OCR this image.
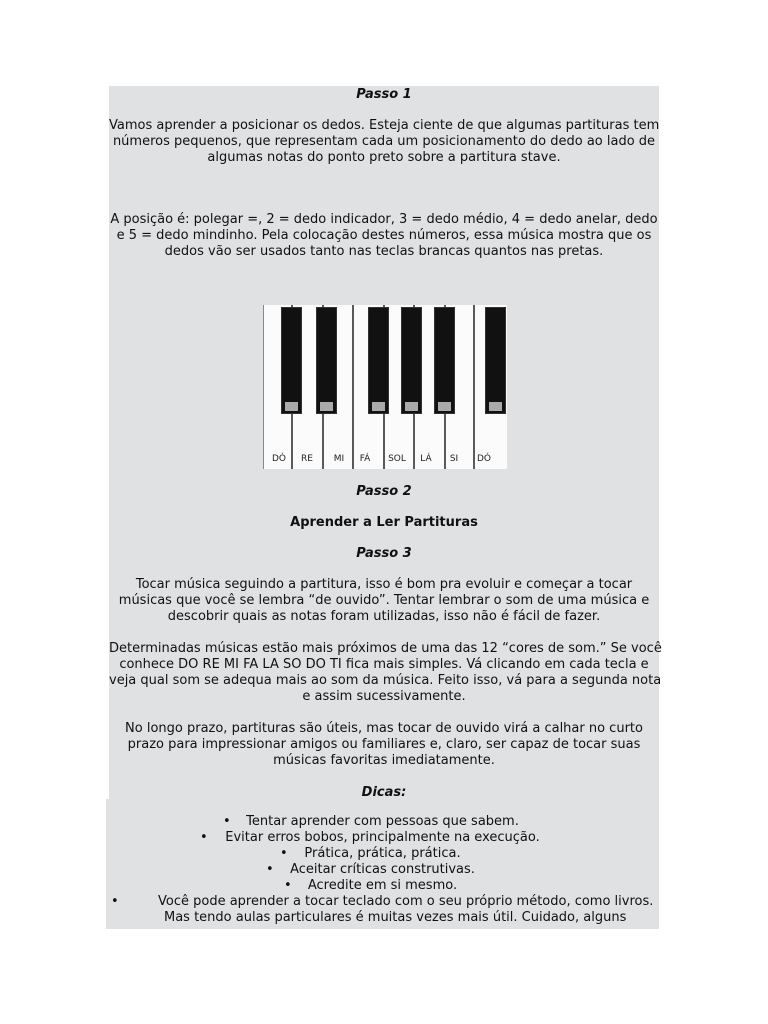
Passo 1

Vamos aprender a posicionar os dedos. Esteja ciente de que algumas partituras tem
números pequenos, que representam cada um posicionamento do dedo ao lado de
algumas notas do ponto preto sobre a partitura stave.

A posição é: polegar =, 2 = dedo indicador, 3 = dedo médio, 4 = dedo anelar, dedo
e 5 = dedo mindinho. Pela colocação destes números, essa música mostra que os
dedos vão ser usados tanto nas teclas brancas quantos nas pretas.

DÓ	RE	MI	FÁ	SOL	LÁ	SI	DÓ

Passo 2

Aprender a Ler Partituras

Passo 3

Tocar música seguindo a partitura, isso é bom pra evoluir e começar a tocar
músicas que você se lembra “de ouvido”. Tentar lembrar o som de uma música e
descobrir quais as notas foram utilizadas, isso não é fácil de fazer.

Determinadas músicas estão mais próximos de uma das 12 “cores de som.” Se você
conhece DO RE MI FA LA SO DO TI fica mais simples. Vá clicando em cada tecla e
veja qual som se adequa mais ao som da música. Feito isso, vá para a segunda nota
e assim sucessivamente.

No longo prazo, partituras são úteis, mas tocar de ouvido virá a calhar no curto
prazo para impressionar amigos ou familiares e, claro, ser capaz de tocar suas
músicas favoritas imediatamente.

Dicas:

•	Tentar aprender com pessoas que sabem.
•	Evitar erros bobos, principalmente na execução.
•	Prática, prática, prática.
•	Aceitar críticas construtivas.
•	Acredite em si mesmo.
•	Você pode aprender a tocar teclado com o seu próprio método, como livros.
Mas tendo aulas particulares é muitas vezes mais útil. Cuidado, alguns
